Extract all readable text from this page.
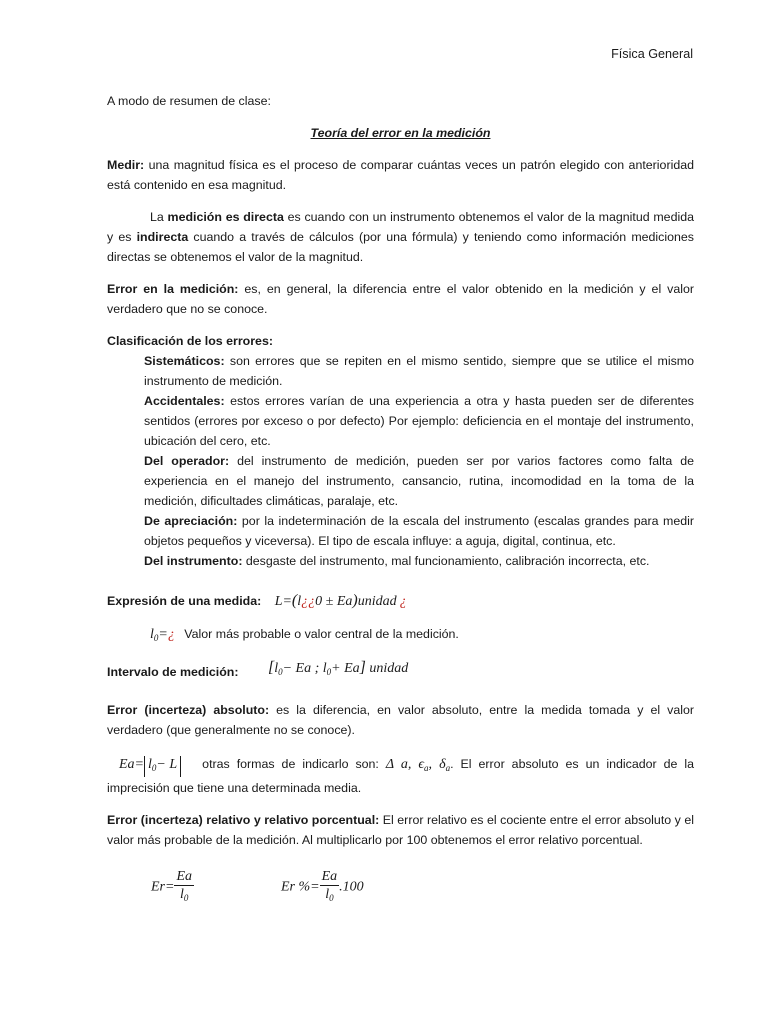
Física General

A modo de resumen de clase:

Teoría del error en la medición

Medir: una magnitud física es el proceso de comparar cuántas veces un patrón elegido con anterioridad está contenido en esa magnitud.

La medición es directa es cuando con un instrumento obtenemos el valor de la magnitud medida y es indirecta cuando a través de cálculos (por una fórmula) y teniendo como información mediciones directas se obtenemos el valor de la magnitud.

Error en la medición: es, en general, la diferencia entre el valor obtenido en la medición y el valor verdadero que no se conoce.

Clasificación de los errores:

Sistemáticos: son errores que se repiten en el mismo sentido, siempre que se utilice el mismo instrumento de medición.

Accidentales: estos errores varían de una experiencia a otra y hasta pueden ser de diferentes sentidos (errores por exceso o por defecto) Por ejemplo: deficiencia en el montaje del instrumento, ubicación del cero, etc.

Del operador: del instrumento de medición, pueden ser por varios factores como falta de experiencia en el manejo del instrumento, cansancio, rutina, incomodidad en la toma de la medición, dificultades climáticas, paralaje, etc.

De apreciación: por la indeterminación de la escala del instrumento (escalas grandes para medir objetos pequeños y viceversa). El tipo de escala influye: a aguja, digital, continua, etc.

Del instrumento: desgaste del instrumento, mal funcionamiento, calibración incorrecta, etc.

Expresión de una medida: L=(l¿¿0 ± Ea)unidad ¿

$l_0=¿$ Valor más probable o valor central de la medición.

Intervalo de medición: [$l_0- Ea$ ; $l_0+ Ea$] unidad

Error (incerteza) absoluto: es la diferencia, en valor absoluto, entre la medida tomada y el valor verdadero (que generalmente no se conoce).

$Ea= l_0- L$ otras formas de indicarlo son: Δ a, $\epsilon_a$, $\delta_a$. El error absoluto es un indicador de la imprecisión que tiene una determinada media.

Error (incerteza) relativo y relativo porcentual: El error relativo es el cociente entre el error absoluto y el valor más probable de la medición. Al multiplicarlo por 100 obtenemos el error relativo porcentual.

$Er= \frac{Ea}{l_0}$	Er %= $\frac{Ea}{l_0} .100$
